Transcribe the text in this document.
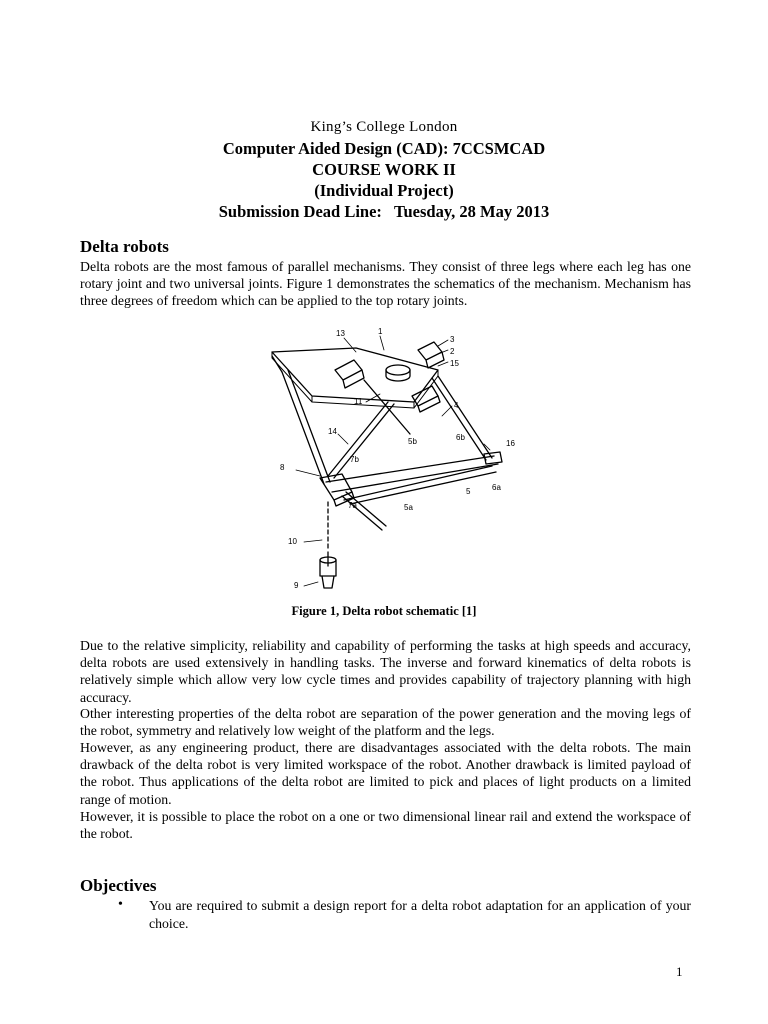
King’s College London
Computer Aided Design (CAD): 7CCSMCAD
COURSE WORK II
(Individual Project)
Submission Dead Line:   Tuesday, 28 May 2013
Delta robots

Delta robots are the most famous of parallel mechanisms. They consist of three legs where each leg has one rotary joint and two universal joints. Figure 1 demonstrates the schematics of the mechanism. Mechanism has three degrees of freedom which can be applied to the top rotary joints.

13	1
3
2
15
11	4
14
5b	6b
16
7b
8
7a
5	6a
5a
10
9
Figure 1, Delta robot schematic [1]

Due to the relative simplicity, reliability and capability of performing the tasks at high speeds and accuracy, delta robots are used extensively in handling tasks. The inverse and forward kinematics of delta robots is relatively simple which allow very low cycle times and provides capability of trajectory planning with high accuracy.

Other interesting properties of the delta robot are separation of the power generation and the moving legs of the robot, symmetry and relatively low weight of the platform and the legs.

However, as any engineering product, there are disadvantages associated with the delta robots. The main drawback of the delta robot is very limited workspace of the robot. Another drawback is limited payload of the robot. Thus applications of the delta robot are limited to pick and places of light products on a limited range of motion.

However, it is possible to place the robot on a one or two dimensional linear rail and extend the workspace of the robot.

Objectives
• You are required to submit a design report for a delta robot adaptation for an application of your choice.
1
